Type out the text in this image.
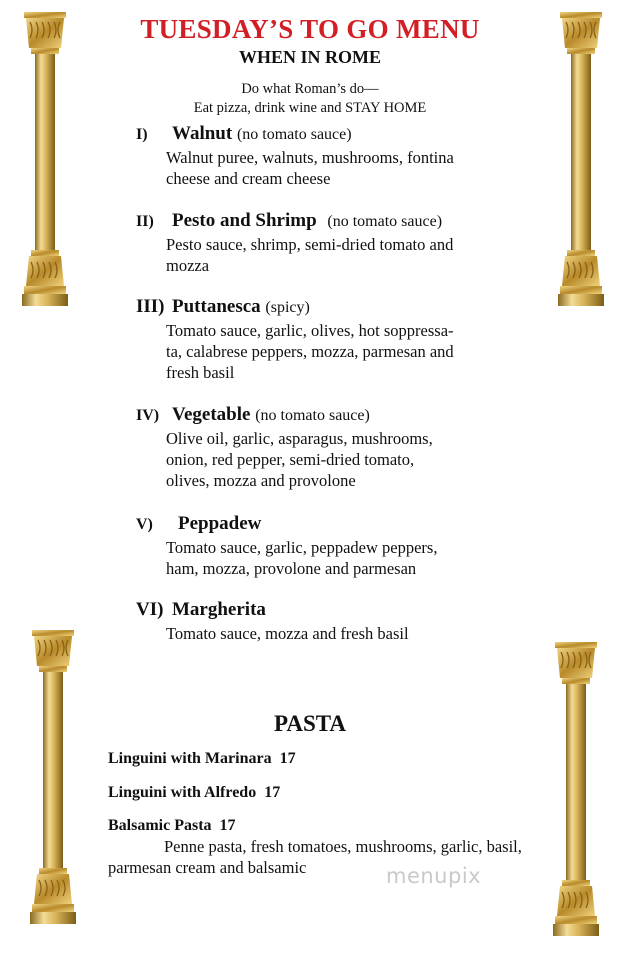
TUESDAY’S TO GO MENU
WHEN IN ROME
Do what Roman’s do—
Eat pizza, drink wine and STAY HOME
I) Walnut (no tomato sauce)
Walnut puree, walnuts, mushrooms, fontina
cheese and cream cheese
II) Pesto and Shrimp (no tomato sauce)
Pesto sauce, shrimp, semi-dried tomato and
mozza
III) Puttanesca (spicy)
Tomato sauce, garlic, olives, hot soppressa-
ta, calabrese peppers, mozza, parmesan and
fresh basil
IV) Vegetable (no tomato sauce)
Olive oil, garlic, asparagus, mushrooms,
onion, red pepper, semi-dried tomato,
olives, mozza and provolone
V) Peppadew
Tomato sauce, garlic, peppadew peppers,
ham, mozza, provolone and parmesan
VI) Margherita
Tomato sauce, mozza and fresh basil
PASTA
Linguini with Marinara 17
Linguini with Alfredo 17
Balsamic Pasta 17
Penne pasta, fresh tomatoes, mushrooms, garlic, basil, parmesan cream and balsamic	menupix
